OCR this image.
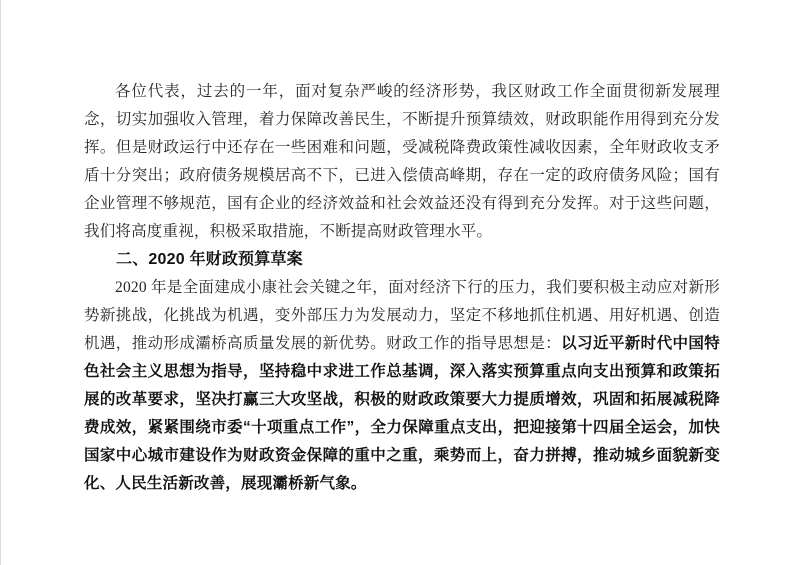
各位代表，过去的一年，面对复杂严峻的经济形势，我区财政工作全面贯彻新发展理念，切实加强收入管理，着力保障改善民生，不断提升预算绩效，财政职能作用得到充分发挥。但是财政运行中还存在一些困难和问题，受减税降费政策性减收因素，全年财政收支矛盾十分突出；政府债务规模居高不下，已进入偿债高峰期，存在一定的政府债务风险；国有企业管理不够规范，国有企业的经济效益和社会效益还没有得到充分发挥。对于这些问题，我们将高度重视，积极采取措施，不断提高财政管理水平。

二、2020 年财政预算草案

2020 年是全面建成小康社会关键之年，面对经济下行的压力，我们要积极主动应对新形势新挑战，化挑战为机遇，变外部压力为发展动力，坚定不移地抓住机遇、用好机遇、创造机遇，推动形成灞桥高质量发展的新优势。财政工作的指导思想是：以习近平新时代中国特色社会主义思想为指导，坚持稳中求进工作总基调，深入落实预算重点向支出预算和政策拓展的改革要求，坚决打赢三大攻坚战，积极的财政政策要大力提质增效，巩固和拓展减税降费成效，紧紧围绕市委“十项重点工作”，全力保障重点支出，把迎接第十四届全运会，加快国家中心城市建设作为财政资金保障的重中之重，乘势而上，奋力拼搏，推动城乡面貌新变化、人民生活新改善，展现灞桥新气象。
